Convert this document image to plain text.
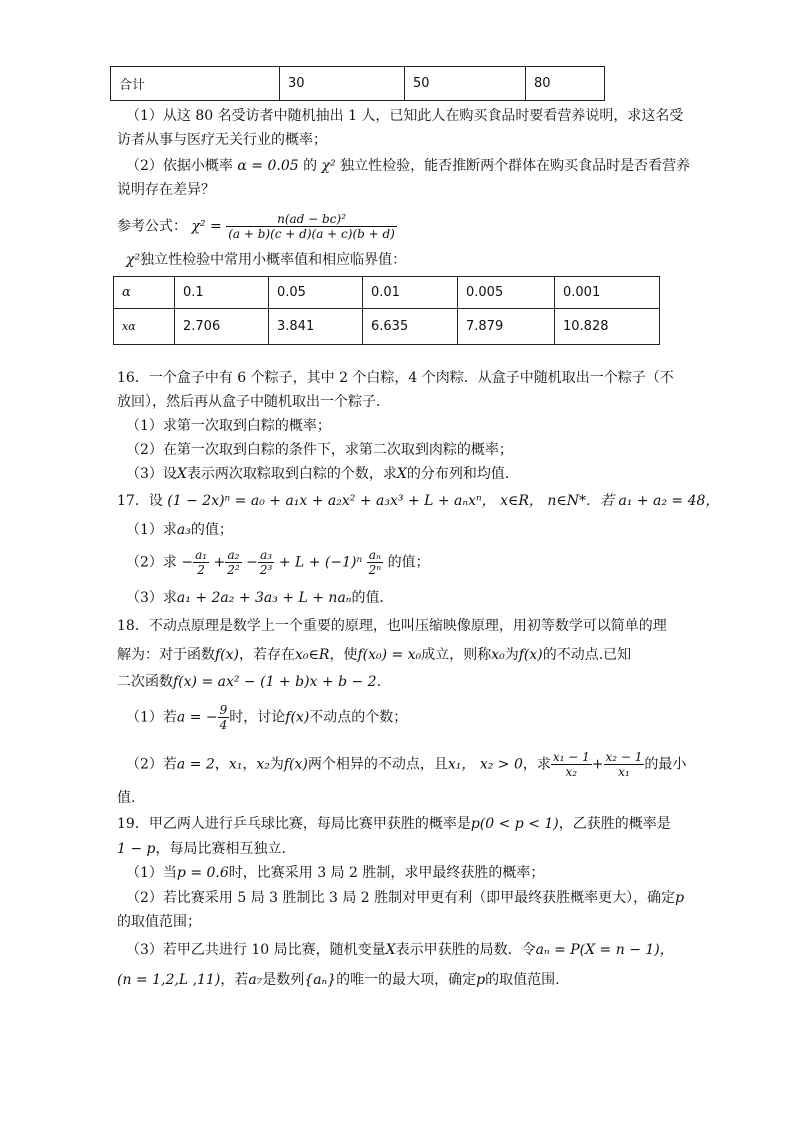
合计	30	50	80
（1）从这 80 名受访者中随机抽出 1 人，已知此人在购买食品时要看营养说明，求这名受
访者从事与医疗无关行业的概率；
（2）依据小概率 α = 0.05 的 χ² 独立性检验，能否推断两个群体在购买食品时是否看营养
说明存在差异？
参考公式： $\chi^2 = \frac{\text{n(ad − bc)²}}{(a + b)(c + d)(a + c)(b + d)}$
χ²独立性检验中常用小概率值和相应临界值：
α	0.1	0.05	0.01	0.005	0.001
xα	2.706	3.841	6.635	7.879	10.828
16．一个盒子中有 6 个粽子，其中 2 个白粽，4 个肉粽．从盒子中随机取出一个粽子（不
放回），然后再从盒子中随机取出一个粽子．
（1）求第一次取到白粽的概率；
（2）在第一次取到白粽的条件下，求第二次取到肉粽的概率；
（3）设X表示两次取粽取到白粽的个数，求X的分布列和均值．
17．设 (1 − 2x)ⁿ = a₀ + a₁x + a₂x² + a₃x³ + L + aₙxⁿ， x∈R， n∈N*．若 a₁ + a₂ = 48，
（1）求a₃的值；
（2）求 − $\frac{\text{a₁}}{2} + \frac{\text{a₂}}{\text{2²}} - \frac{\text{a₃}}{\text{2³}} + L + (-1)^n \frac{\text{aₙ}}{\text{2ⁿ}}$ 的值；
（3）求a₁ + 2a₂ + 3a₃ + L + naₙ的值．
18．不动点原理是数学上一个重要的原理，也叫压缩映像原理，用初等数学可以简单的理
解为：对于函数f(x)，若存在x₀∈R，使f(x₀) = x₀成立，则称x₀为f(x)的不动点.已知
二次函数f(x) = ax² − (1 + b)x + b − 2.
（1）若a = − $\frac{9}{4}$ 时，讨论f(x)不动点的个数；
（2）若a = 2，x₁，x₂为f(x)两个相异的不动点，且x₁， x₂ > 0，求 $\frac{\text{x₁ − 1}}{\text{x₂}} + \frac{\text{x₂ − 1}}{\text{x₁}}$ 的最小
值.
19．甲乙两人进行乒乓球比赛，每局比赛甲获胜的概率是p(0 < p < 1)，乙获胜的概率是
1 − p，每局比赛相互独立.
（1）当p = 0.6时，比赛采用 3 局 2 胜制，求甲最终获胜的概率；
（2）若比赛采用 5 局 3 胜制比 3 局 2 胜制对甲更有利（即甲最终获胜概率更大），确定p
的取值范围；
（3）若甲乙共进行 10 局比赛，随机变量X表示甲获胜的局数．令aₙ = P(X = n − 1)，
(n = 1,2,L ,11)，若a₇是数列{aₙ}的唯一的最大项，确定p的取值范围.
